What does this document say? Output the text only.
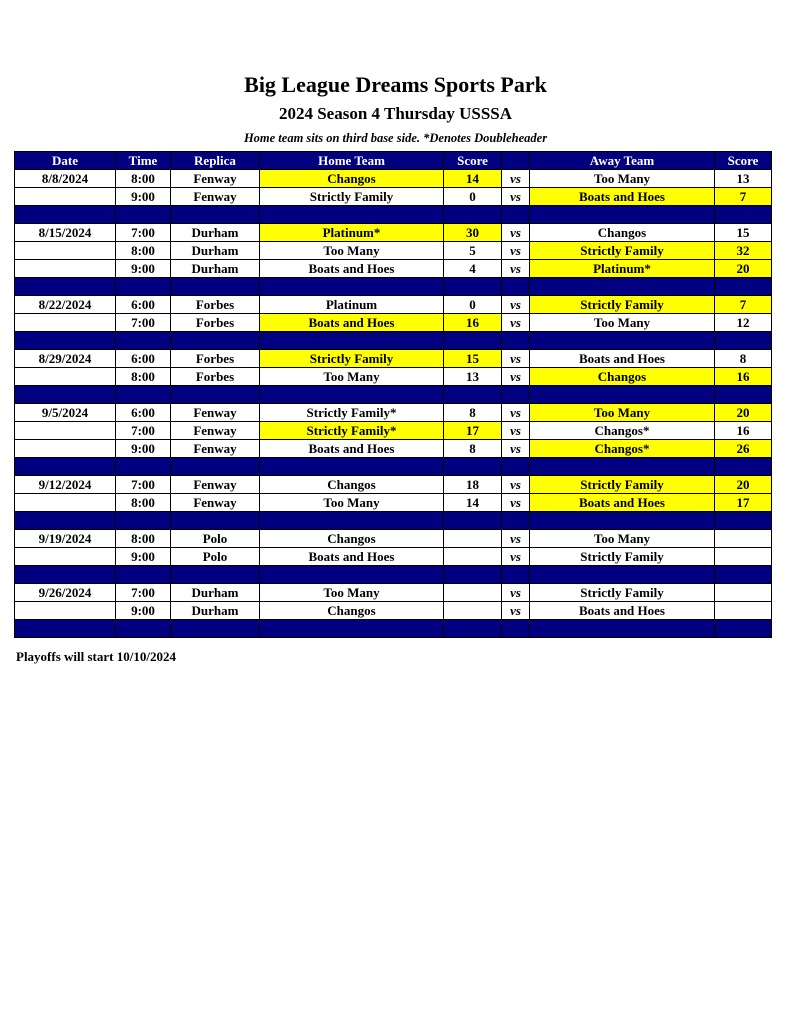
Big League Dreams Sports Park
2024 Season 4 Thursday USSSA
Home team sits on third base side. *Denotes Doubleheader
Date	Time	Replica	Home Team	Score		Away Team	Score
8/8/2024	8:00	Fenway	Changos	14	vs	Too Many	13
	9:00	Fenway	Strictly Family	0	vs	Boats and Hoes	7

8/15/2024	7:00	Durham	Platinum*	30	vs	Changos	15
	8:00	Durham	Too Many	5	vs	Strictly Family	32
	9:00	Durham	Boats and Hoes	4	vs	Platinum*	20

8/22/2024	6:00	Forbes	Platinum	0	vs	Strictly Family	7
	7:00	Forbes	Boats and Hoes	16	vs	Too Many	12

8/29/2024	6:00	Forbes	Strictly Family	15	vs	Boats and Hoes	8
	8:00	Forbes	Too Many	13	vs	Changos	16

9/5/2024	6:00	Fenway	Strictly Family*	8	vs	Too Many	20
	7:00	Fenway	Strictly Family*	17	vs	Changos*	16
	9:00	Fenway	Boats and Hoes	8	vs	Changos*	26

9/12/2024	7:00	Fenway	Changos	18	vs	Strictly Family	20
	8:00	Fenway	Too Many	14	vs	Boats and Hoes	17

9/19/2024	8:00	Polo	Changos		vs	Too Many	
	9:00	Polo	Boats and Hoes		vs	Strictly Family	

9/26/2024	7:00	Durham	Too Many		vs	Strictly Family	
	9:00	Durham	Changos		vs	Boats and Hoes	

Playoffs will start 10/10/2024
